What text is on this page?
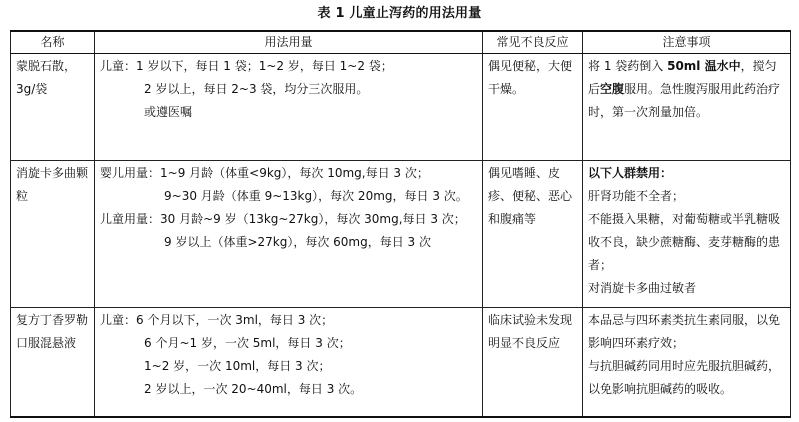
表 1 儿童止泻药的用法用量
名称	用法用量	常见不良反应	注意事项

蒙脱石散，3g/袋	儿童：1 岁以下，每日 1 袋；1~2 岁，每日 1~2 袋；
2 岁以上，每日 2~3 袋，均分三次服用。
或遵医嘱	偶见便秘，大便干燥。	将 1 袋药倒入 50ml 温水中，搅匀后空腹服用。急性腹泻服用此药治疗时，第一次剂量加倍。

消旋卡多曲颗粒	婴儿用量：1~9 月龄（体重<9kg），每次 10mg,每日 3 次；
9~30 月龄（体重 9~13kg），每次 20mg，每日 3 次。
儿童用量：30 月龄~9 岁（13kg~27kg），每次 30mg,每日 3 次；
9 岁以上（体重>27kg），每次 60mg，每日 3 次	偶见嗜睡、皮疹、便秘、恶心和腹痛等	以下人群禁用：
肝肾功能不全者；
不能摄入果糖，对葡萄糖或半乳糖吸收不良，缺少蔗糖酶、麦芽糖酶的患者；
对消旋卡多曲过敏者

复方丁香罗勒口服混悬液	儿童：6 个月以下，一次 3ml，每日 3 次；
6 个月~1 岁，一次 5ml，每日 3 次；
1~2 岁，一次 10ml，每日 3 次；
2 岁以上，一次 20~40ml，每日 3 次。	临床试验未发现明显不良反应	本品忌与四环素类抗生素同服，以免影响四环素疗效；
与抗胆碱药同用时应先服抗胆碱药，以免影响抗胆碱药的吸收。
